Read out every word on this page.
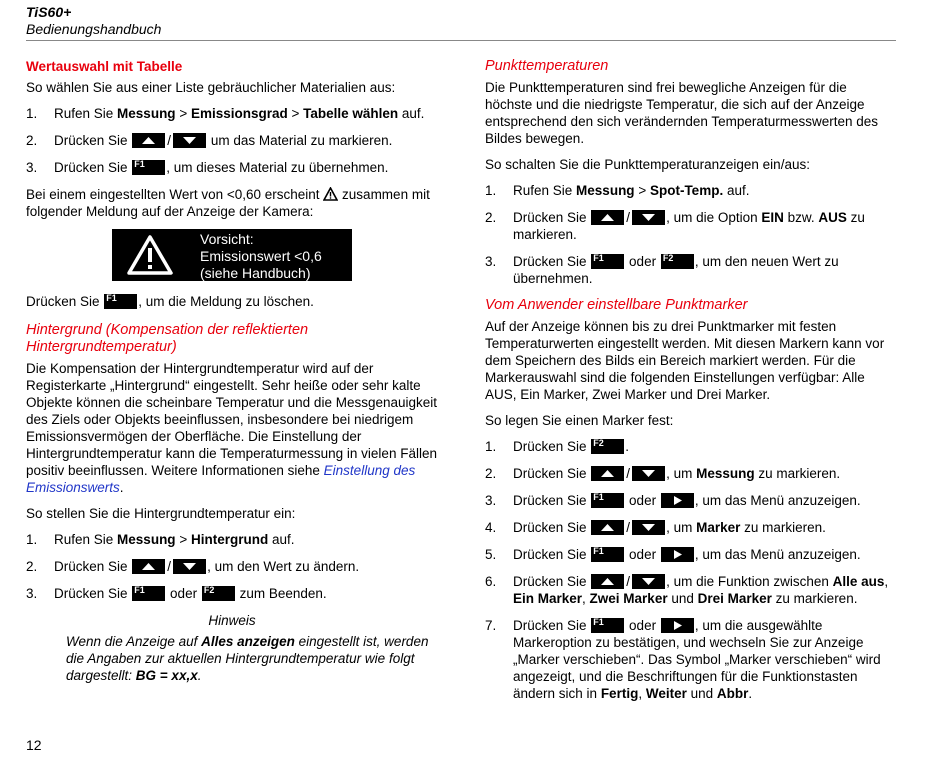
TiS60+
Bedienungshandbuch
Wertauswahl mit Tabelle

So wählen Sie aus einer Liste gebräuchlicher Materialien aus:

1.	Rufen Sie Messung > Emissionsgrad > Tabelle wählen auf.
2.	Drücken Sie	/	um das Material zu markieren.
3.	Drücken Sie F1 , um dieses Material zu übernehmen.

Bei einem eingestellten Wert von <0,60 erscheint  zusammen mit folgender Meldung auf der Anzeige der Kamera:

Vorsicht:
Emissionswert <0,6
(siehe Handbuch)

Drücken Sie F1 , um die Meldung zu löschen.

Hintergrund (Kompensation der reflektierten Hintergrundtemperatur)

Die Kompensation der Hintergrundtemperatur wird auf der Registerkarte „Hintergrund“ eingestellt. Sehr heiße oder sehr kalte Objekte können die scheinbare Temperatur und die Messgenauigkeit des Ziels oder Objekts beeinflussen, insbesondere bei niedrigem Emissionsvermögen der Oberfläche. Die Einstellung der Hintergrundtemperatur kann die Temperaturmessung in vielen Fällen positiv beeinflussen. Weitere Informationen siehe Einstellung des Emissionswerts.

So stellen Sie die Hintergrundtemperatur ein:

1.	Rufen Sie Messung > Hintergrund auf.
2.	Drücken Sie	/	, um den Wert zu ändern.
3.	Drücken Sie F1 oder F2 zum Beenden.
Hinweis
Wenn die Anzeige auf Alles anzeigen eingestellt ist, werden die Angaben zur aktuellen Hintergrundtemperatur wie folgt dargestellt: BG = xx,x.
Punkttemperaturen

Die Punkttemperaturen sind frei bewegliche Anzeigen für die höchste und die niedrigste Temperatur, die sich auf der Anzeige entsprechend den sich verändernden Temperaturmesswerten des Bildes bewegen.

So schalten Sie die Punkttemperaturanzeigen ein/aus:

1.	Rufen Sie Messung > Spot-Temp. auf.
2.	Drücken Sie	/	, um die Option EIN bzw. AUS zu markieren.
3.	Drücken Sie F1 oder F2 , um den neuen Wert zu übernehmen.
Vom Anwender einstellbare Punktmarker

Auf der Anzeige können bis zu drei Punktmarker mit festen Temperaturwerten eingestellt werden. Mit diesen Markern kann vor dem Speichern des Bilds ein Bereich markiert werden. Für die Markerauswahl sind die folgenden Einstellungen verfügbar: Alle AUS, Ein Marker, Zwei Marker und Drei Marker.

So legen Sie einen Marker fest:

1.	Drücken Sie F2 .
2.	Drücken Sie	/	, um Messung zu markieren.
3.	Drücken Sie F1 oder	, um das Menü anzuzeigen.
4.	Drücken Sie	/	, um Marker zu markieren.
5.	Drücken Sie F1 oder	, um das Menü anzuzeigen.
6.	Drücken Sie	/	, um die Funktion zwischen Alle aus, Ein Marker, Zwei Marker und Drei Marker zu markieren.
7.	Drücken Sie F1 oder	, um die ausgewählte Markeroption zu bestätigen, und wechseln Sie zur Anzeige „Marker verschieben“. Das Symbol „Marker verschieben“ wird angezeigt, und die Beschriftungen für die Funktionstasten ändern sich in Fertig, Weiter und Abbr.
12
